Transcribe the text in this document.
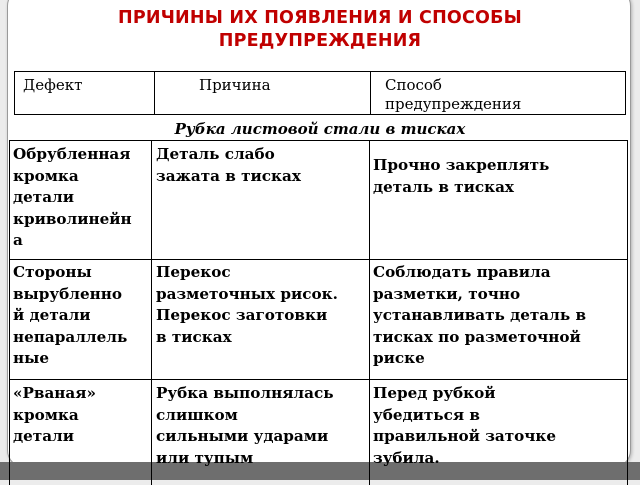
ПРИЧИНЫ ИХ ПОЯВЛЕНИЯ И СПОСОБЫ
ПРЕДУПРЕЖДЕНИЯ
Дефект	Причина	Способ
предупреждения
Рубка листовой стали в тисках
Обрубленная
кромка
детали
криволинейн
а
Деталь слабо
зажата в тисках
Прочно закреплять
деталь в тисках
Стороны
вырубленно
й детали
непараллель
ные
Перекос
разметочных рисок.
Перекос заготовки
в тисках
Соблюдать правила
разметки, точно
устанавливать деталь в
тисках по разметочной
риске
«Рваная»
кромка
детали
Рубка выполнялась
слишком
сильными ударами
или тупым
Перед рубкой
убедиться в
правильной заточке
зубила.
